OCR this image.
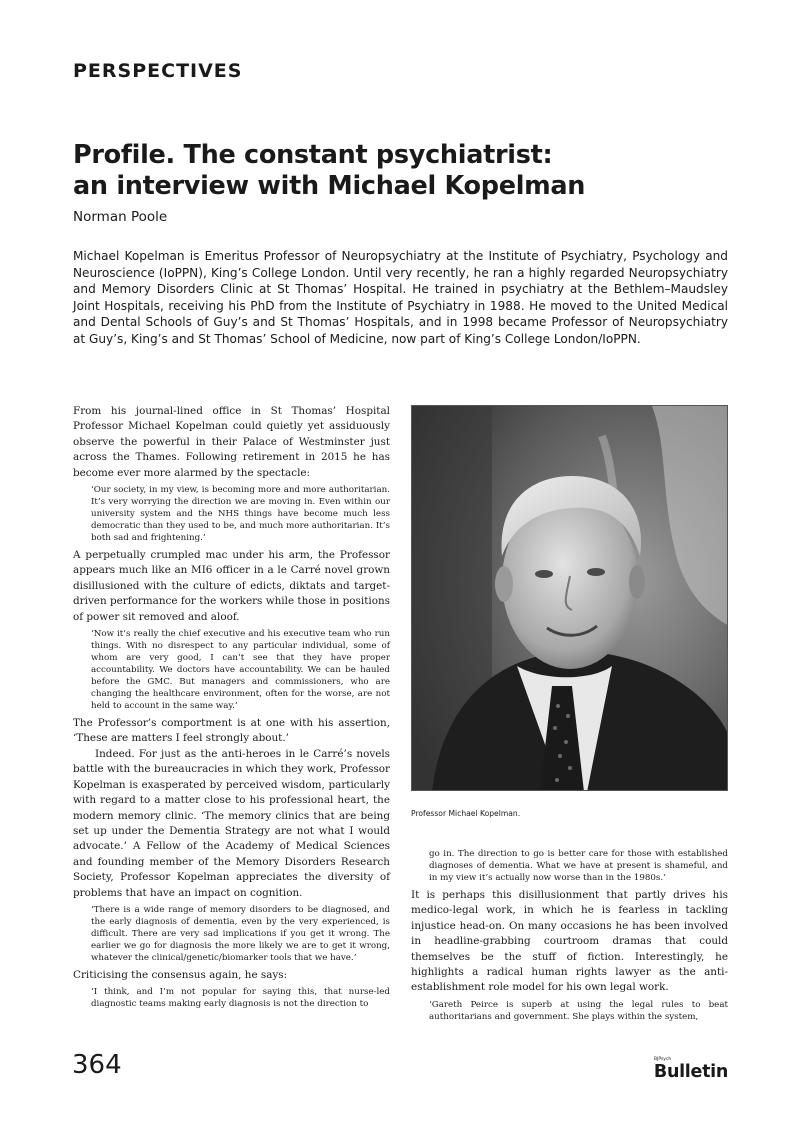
PERSPECTIVES
Profile. The constant psychiatrist:
an interview with Michael Kopelman
Norman Poole

Michael Kopelman is Emeritus Professor of Neuropsychiatry at the Institute of Psychiatry, Psychology and Neuroscience (IoPPN), King’s College London. Until very recently, he ran a highly regarded Neuropsychiatry and Memory Disorders Clinic at St Thomas’ Hospital. He trained in psychiatry at the Bethlem–Maudsley Joint Hospitals, receiving his PhD from the Institute of Psychiatry in 1988. He moved to the United Medical and Dental Schools of Guy’s and St Thomas’ Hospitals, and in 1998 became Professor of Neuropsychiatry at Guy’s, King’s and St Thomas’ School of Medicine, now part of King’s College London/IoPPN.

From his journal-lined office in St Thomas’ Hospital Professor Michael Kopelman could quietly yet assiduously observe the powerful in their Palace of Westminster just across the Thames. Following retirement in 2015 he has become ever more alarmed by the spectacle:

‘Our society, in my view, is becoming more and more authoritarian. It’s very worrying the direction we are moving in. Even within our university system and the NHS things have become much less democratic than they used to be, and much more authoritarian. It’s both sad and frightening.’

A perpetually crumpled mac under his arm, the Professor appears much like an MI6 officer in a le Carré novel grown disillusioned with the culture of edicts, diktats and target-driven performance for the workers while those in positions of power sit removed and aloof.

‘Now it’s really the chief executive and his executive team who run things. With no disrespect to any particular individual, some of whom are very good, I can’t see that they have proper accountability. We doctors have accountability. We can be hauled before the GMC. But managers and commissioners, who are changing the healthcare environment, often for the worse, are not held to account in the same way.’

The Professor’s comportment is at one with his assertion, ‘These are matters I feel strongly about.’

Indeed. For just as the anti-heroes in le Carré’s novels battle with the bureaucracies in which they work, Professor Kopelman is exasperated by perceived wisdom, particularly with regard to a matter close to his professional heart, the modern memory clinic. ‘The memory clinics that are being set up under the Dementia Strategy are not what I would advocate.’ A Fellow of the Academy of Medical Sciences and founding member of the Memory Disorders Research Society, Professor Kopelman appreciates the diversity of problems that have an impact on cognition.

‘There is a wide range of memory disorders to be diagnosed, and the early diagnosis of dementia, even by the very experienced, is difficult. There are very sad implications if you get it wrong. The earlier we go for diagnosis the more likely we are to get it wrong, whatever the clinical/genetic/biomarker tools that we have.’

Criticising the consensus again, he says:

‘I think, and I’m not popular for saying this, that nurse-led diagnostic teams making early diagnosis is not the direction to
Professor Michael Kopelman.
go in. The direction to go is better care for those with established diagnoses of dementia. What we have at present is shameful, and in my view it’s actually now worse than in the 1980s.’

It is perhaps this disillusionment that partly drives his medico-legal work, in which he is fearless in tackling injustice head-on. On many occasions he has been involved in headline-grabbing courtroom dramas that could themselves be the stuff of fiction. Interestingly, he highlights a radical human rights lawyer as the anti-establishment role model for his own legal work.

‘Gareth Peirce is superb at using the legal rules to beat authoritarians and government. She plays within the system,
364	BJPsych
Bulletin
